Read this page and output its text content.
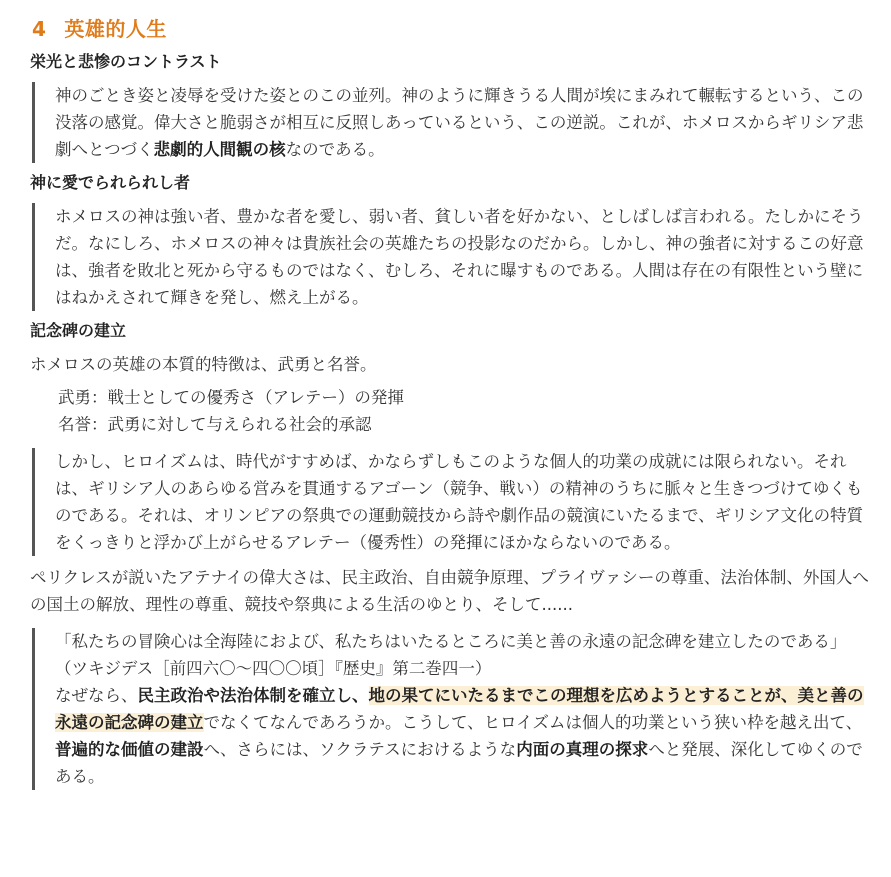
4 英雄的人生
栄光と悲惨のコントラスト
神のごとき姿と凌辱を受けた姿とのこの並列。神のように輝きうる人間が埃にまみれて輾転するという、この没落の感覚。偉大さと脆弱さが相互に反照しあっているという、この逆説。これが、ホメロスからギリシア悲劇へとつづく悲劇的人間観の核なのである。
神に愛でられられし者
ホメロスの神は強い者、豊かな者を愛し、弱い者、貧しい者を好かない、としばしば言われる。たしかにそうだ。なにしろ、ホメロスの神々は貴族社会の英雄たちの投影なのだから。しかし、神の強者に対するこの好意は、強者を敗北と死から守るものではなく、むしろ、それに曝すものである。人間は存在の有限性という壁にはねかえされて輝きを発し、燃え上がる。
記念碑の建立
ホメロスの英雄の本質的特徴は、武勇と名誉。
武勇：戦士としての優秀さ（アレテー）の発揮
名誉：武勇に対して与えられる社会的承認
しかし、ヒロイズムは、時代がすすめば、かならずしもこのような個人的功業の成就には限られない。それは、ギリシア人のあらゆる営みを貫通するアゴーン（競争、戦い）の精神のうちに脈々と生きつづけてゆくものである。それは、オリンピアの祭典での運動競技から詩や劇作品の競演にいたるまで、ギリシア文化の特質をくっきりと浮かび上がらせるアレテー（優秀性）の発揮にほかならないのである。
ペリクレスが説いたアテナイの偉大さは、民主政治、自由競争原理、プライヴァシーの尊重、法治体制、外国人への国土の解放、理性の尊重、競技や祭典による生活のゆとり、そして......
「私たちの冒険心は全海陸におよび、私たちはいたるところに美と善の永遠の記念碑を建立したのである」（ツキジデス［前四六〇～四〇〇頃］『歴史』第二巻四一）
なぜなら、民主政治や法治体制を確立し、地の果てにいたるまでこの理想を広めようとすることが、美と善の永遠の記念碑の建立でなくてなんであろうか。こうして、ヒロイズムは個人的功業という狭い枠を越え出て、普遍的な価値の建設へ、さらには、ソクラテスにおけるような内面の真理の探求へと発展、深化してゆくのである。
